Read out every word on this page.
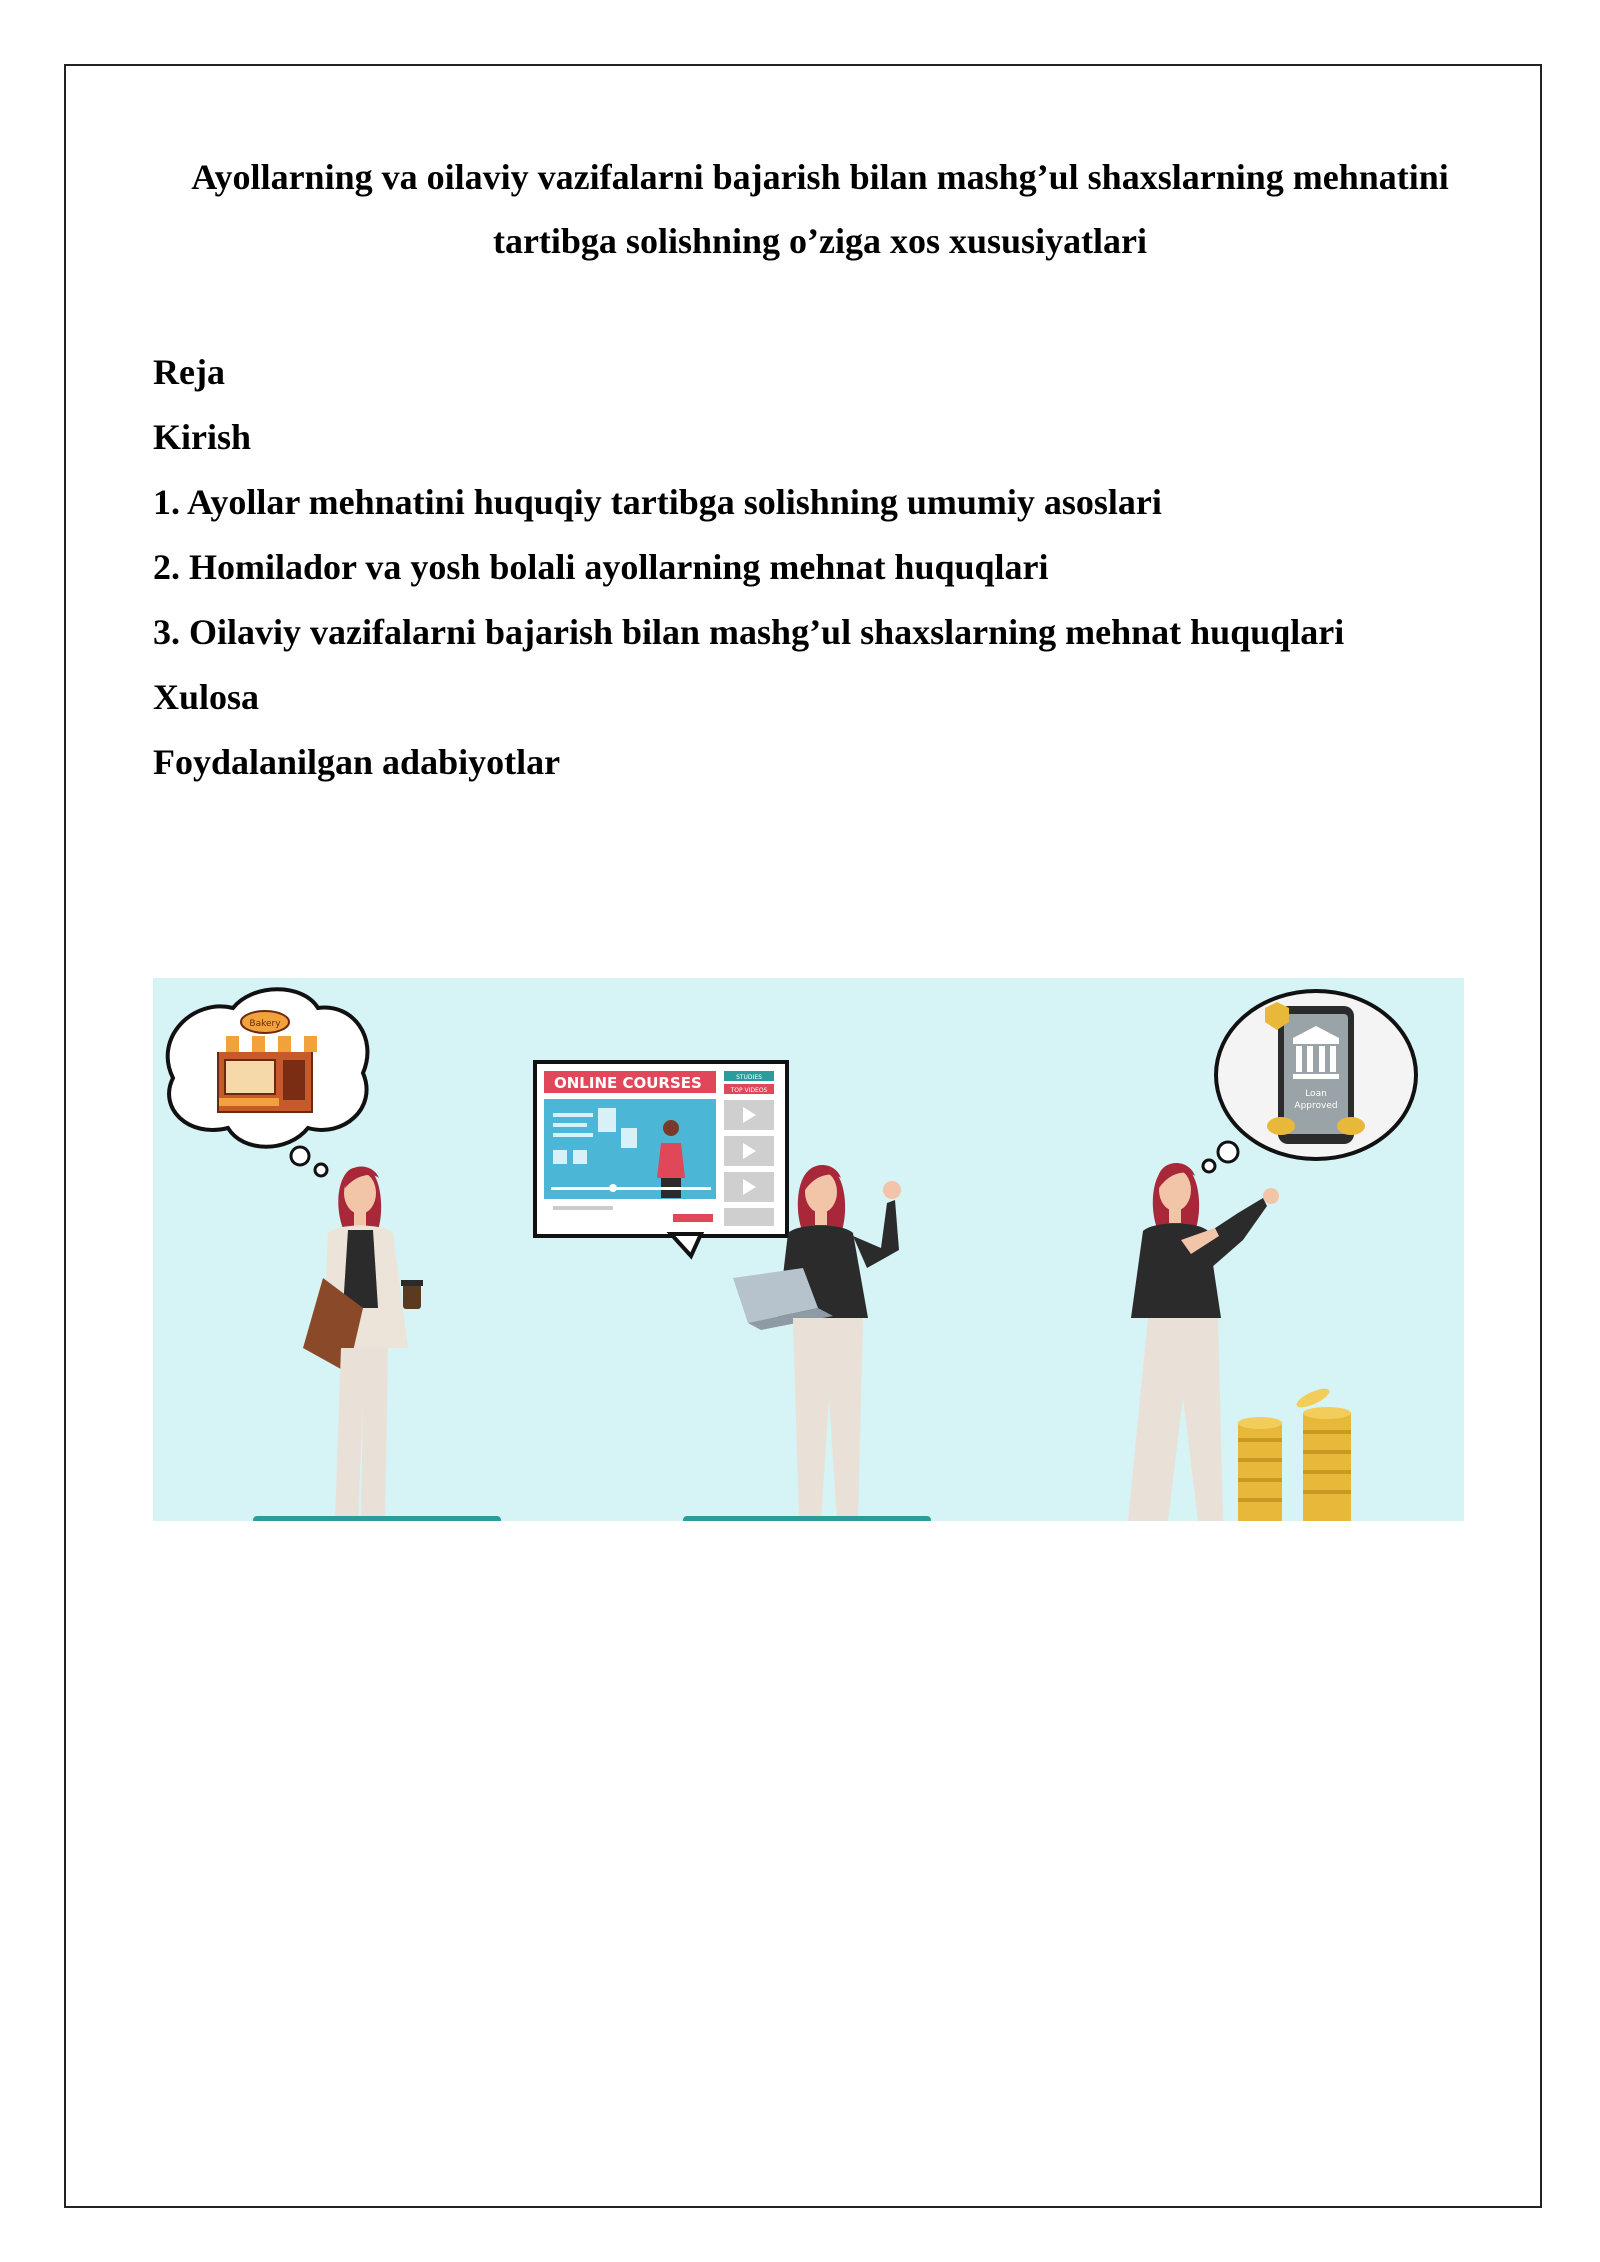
Ayollarning va oilaviy vazifalarni bajarish bilan mashg’ul shaxslarning mehnatini tartibga solishning o’ziga xos xususiyatlari
Reja
Kirish
1. Ayollar mehnatini huquqiy tartibga solishning umumiy asoslari
2. Homilador va yosh bolali ayollarning mehnat huquqlari
3. Oilaviy vazifalarni bajarish bilan mashg’ul shaxslarning mehnat huquqlari
Xulosa
Foydalanilgan adabiyotlar
Bakery
ONLINE COURSES	STUDIES
TOP VIDEOS	Loan
Approved
